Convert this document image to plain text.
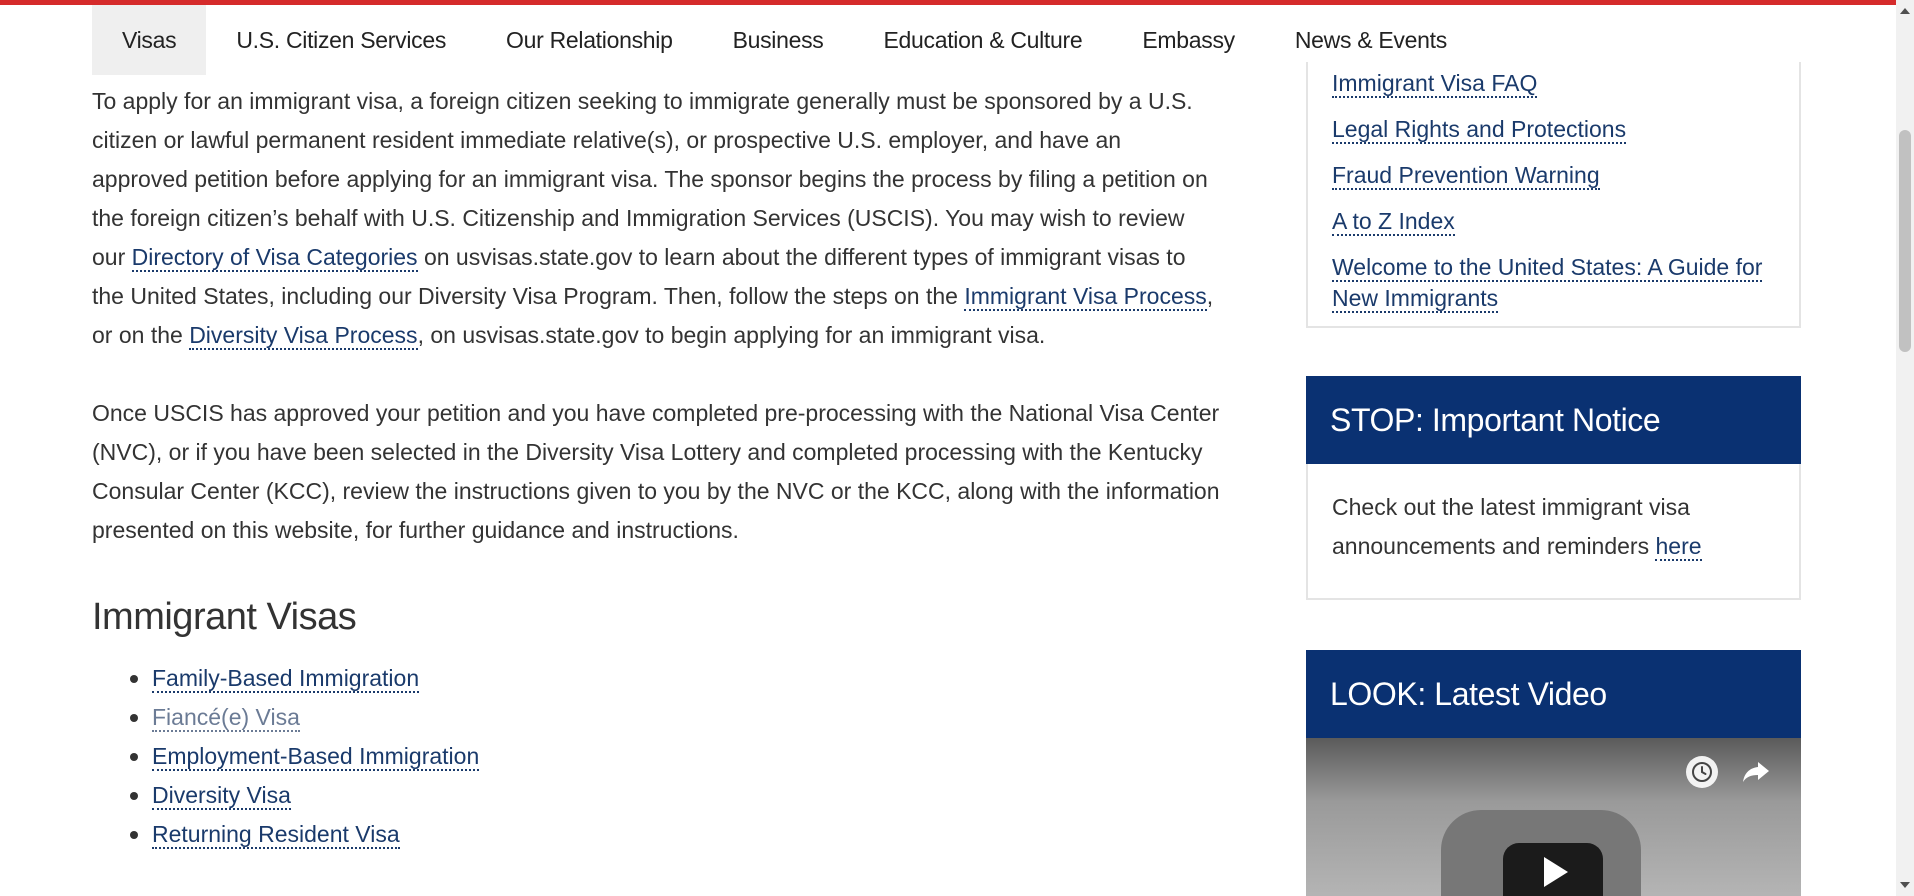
Visas	U.S. Citizen Services	Our Relationship	Business	Education & Culture	Embassy	News & Events

To apply for an immigrant visa, a foreign citizen seeking to immigrate generally must be sponsored by a U.S. citizen or lawful permanent resident immediate relative(s), or prospective U.S. employer, and have an approved petition before applying for an immigrant visa. The sponsor begins the process by filing a petition on the foreign citizen’s behalf with U.S. Citizenship and Immigration Services (USCIS). You may wish to review our Directory of Visa Categories on usvisas.state.gov to learn about the different types of immigrant visas to the United States, including our Diversity Visa Program. Then, follow the steps on the Immigrant Visa Process, or on the Diversity Visa Process, on usvisas.state.gov to begin applying for an immigrant visa.

Once USCIS has approved your petition and you have completed pre-processing with the National Visa Center (NVC), or if you have been selected in the Diversity Visa Lottery and completed processing with the Kentucky Consular Center (KCC), review the instructions given to you by the NVC or the KCC, along with the information presented on this website, for further guidance and instructions.

Immigrant Visas
Family-Based Immigration
Fiancé(e) Visa
Employment-Based Immigration
Diversity Visa
Returning Resident Visa
Immigrant Visa FAQ
Legal Rights and Protections
Fraud Prevention Warning
A to Z Index
Welcome to the United States: A Guide for New Immigrants
STOP: Important Notice
Check out the latest immigrant visa announcements and reminders here
LOOK: Latest Video
